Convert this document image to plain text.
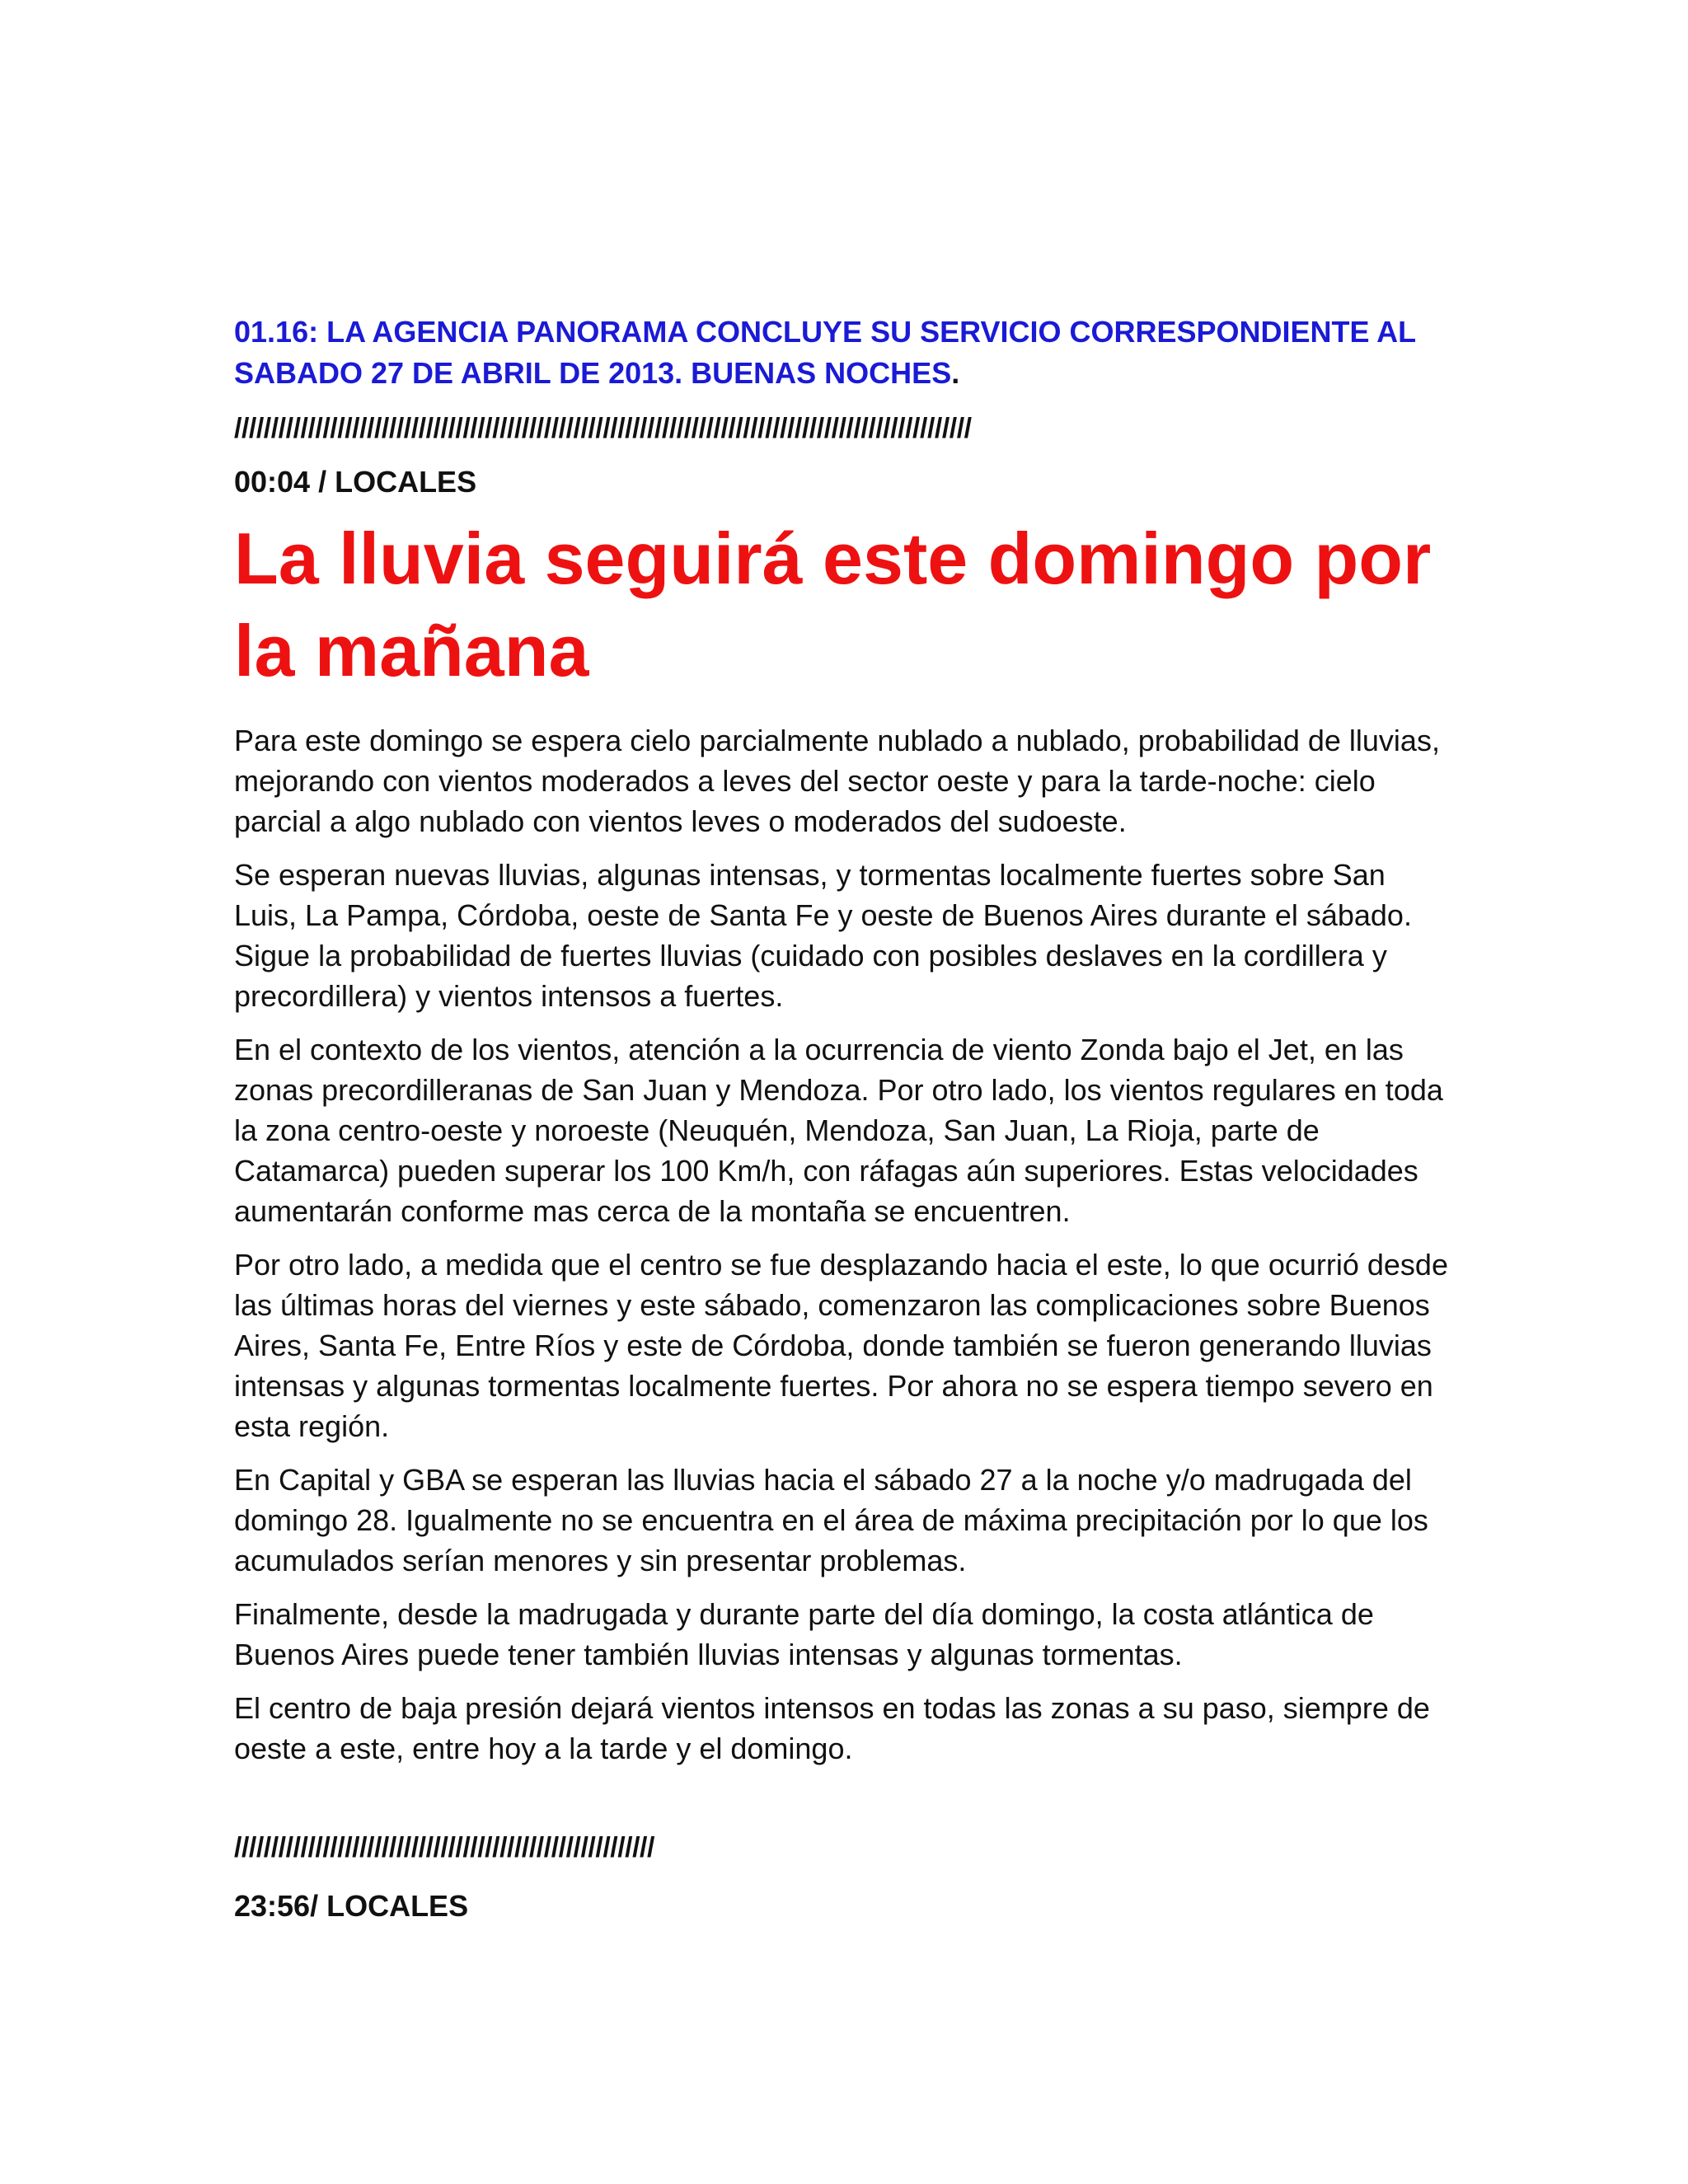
01.16: LA AGENCIA PANORAMA CONCLUYE SU SERVICIO CORRESPONDIENTE AL SABADO 27 DE ABRIL DE 2013. BUENAS NOCHES.

////////////////////////////////////////////////////////////////////////////////////////////////////
00:04 / LOCALES
La lluvia seguirá este domingo por la mañana

Para este domingo se espera cielo parcialmente nublado a nublado, probabilidad de lluvias, mejorando con vientos moderados a leves del sector oeste y para la tarde-noche: cielo parcial a algo nublado con vientos leves o moderados del sudoeste.

Se esperan nuevas lluvias, algunas intensas, y tormentas localmente fuertes sobre San Luis, La Pampa, Córdoba, oeste de Santa Fe y oeste de Buenos Aires durante el sábado. Sigue la probabilidad de fuertes lluvias (cuidado con posibles deslaves en la cordillera y precordillera) y vientos intensos a fuertes.

En el contexto de los vientos, atención a la ocurrencia de viento Zonda bajo el Jet, en las zonas precordilleranas de San Juan y Mendoza. Por otro lado, los vientos regulares en toda la zona centro-oeste y noroeste (Neuquén, Mendoza, San Juan, La Rioja, parte de Catamarca) pueden superar los 100 Km/h, con ráfagas aún superiores. Estas velocidades aumentarán conforme mas cerca de la montaña se encuentren.

Por otro lado, a medida que el centro se fue desplazando hacia el este, lo que ocurrió desde las últimas horas del viernes y este sábado, comenzaron las complicaciones sobre Buenos Aires, Santa Fe, Entre Ríos y este de Córdoba, donde también se fueron generando lluvias intensas y algunas tormentas localmente fuertes. Por ahora no se espera tiempo severo en esta región.

En Capital y GBA se esperan las lluvias hacia el sábado 27 a la noche y/o madrugada del domingo 28. Igualmente no se encuentra en el área de máxima precipitación por lo que los acumulados serían menores y sin presentar problemas.

Finalmente, desde la madrugada y durante parte del día domingo, la costa atlántica de Buenos Aires puede tener también lluvias intensas y algunas tormentas.

El centro de baja presión dejará vientos intensos en todas las zonas a su paso, siempre de oeste a este, entre hoy a la tarde y el domingo.

/////////////////////////////////////////////////////////
23:56/ LOCALES
